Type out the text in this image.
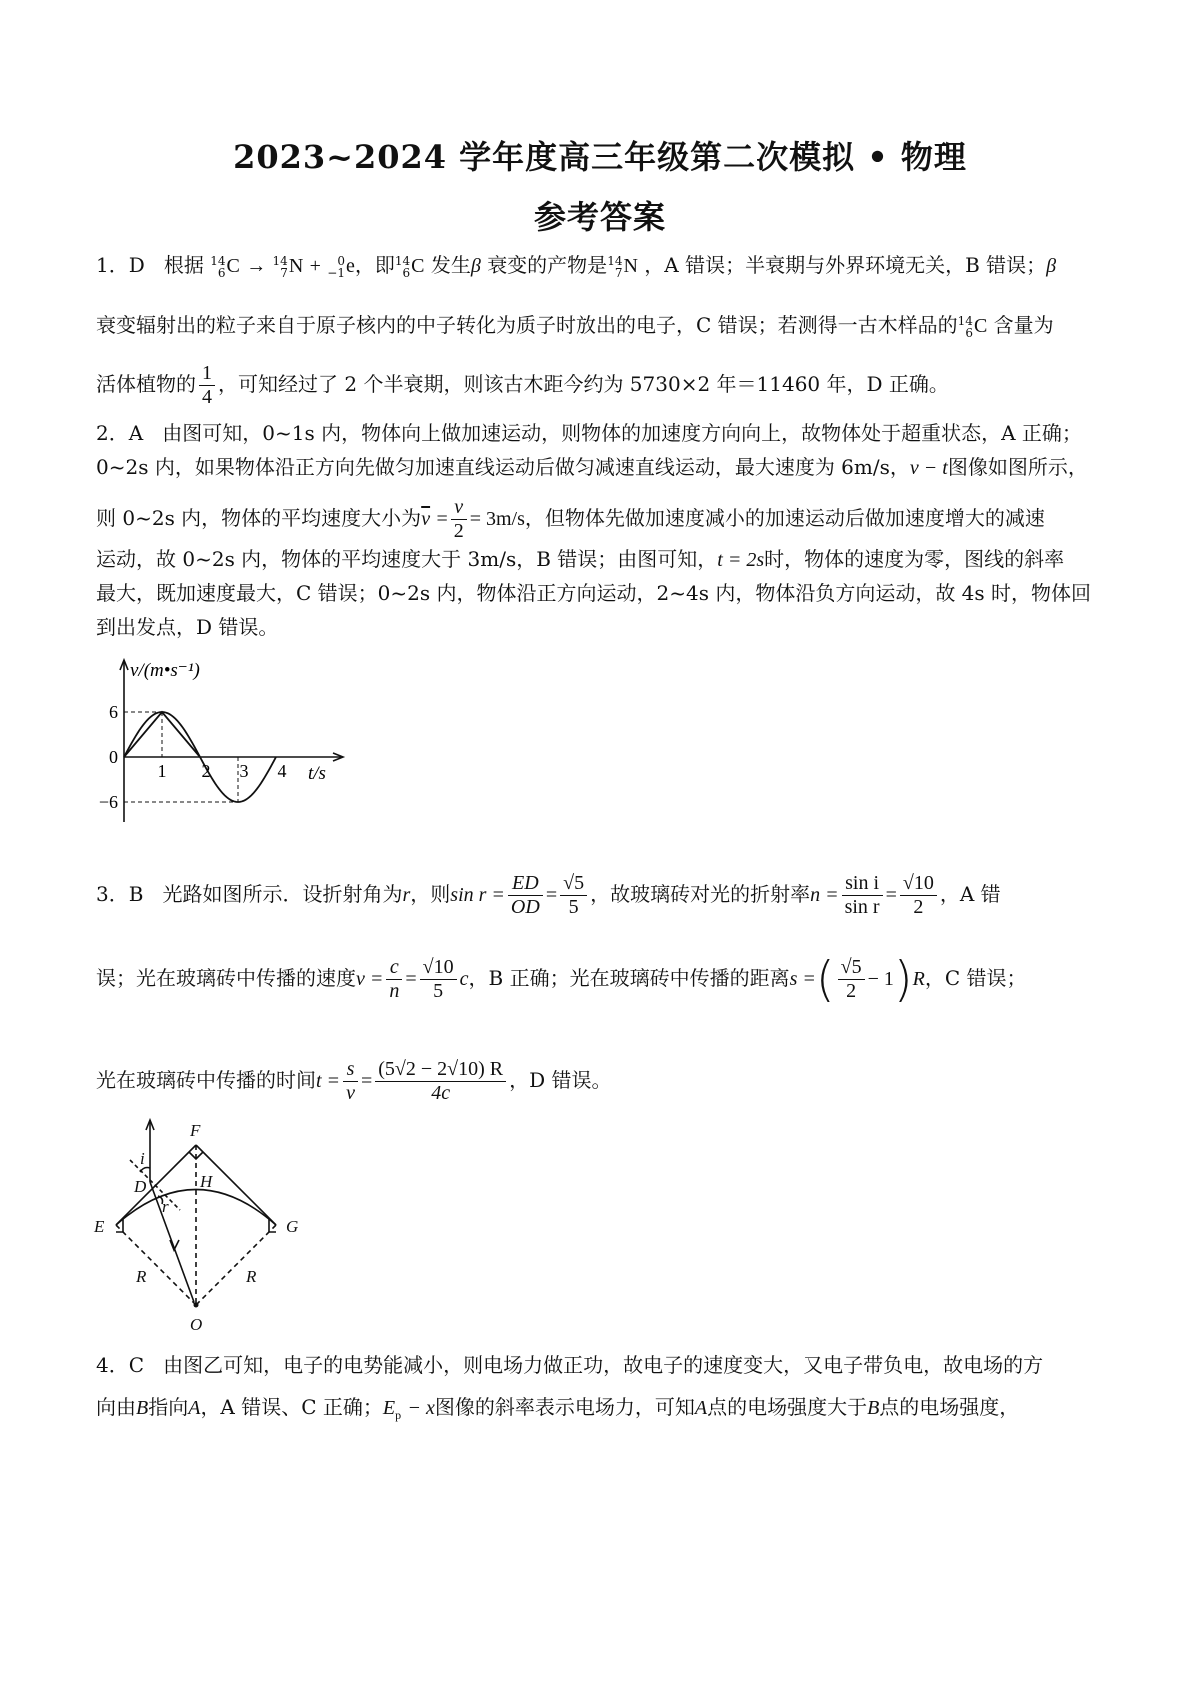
2023~2024 学年度高三年级第二次模拟 • 物理
参考答案
1．D 根据 14
6 C → 14
7 N +	0
−1 e，即 14
6 C 发生β 衰变的产物是 14
7 N ，A 错误；半衰期与外界环境无关，B 错误；β
衰变辐射出的粒子来自于原子核内的中子转化为质子时放出的电子，C 错误；若测得一古木样品的 14
6 C 含量为
活体植物的 $\frac{1}{4}$ ，可知经过了 2 个半衰期，则该古木距今约为 5730×2 年＝11460 年，D 正确。
2．A 由图可知，0~1s 内，物体向上做加速运动，则物体的加速度方向向上，故物体处于超重状态，A 正确；
0~2s 内，如果物体沿正方向先做匀加速直线运动后做匀减速直线运动，最大速度为 6m/s，v − t图像如图所示，
则 0~2s 内，物体的平均速度大小为$\overline{v} = \frac{v}{2} = 3m/s$，但物体先做加速度减小的加速运动后做加速度增大的减速
运动，故 0~2s 内，物体的平均速度大于 3m/s，B 错误；由图可知，t = 2s时，物体的速度为零，图线的斜率
最大，既加速度最大，C 错误；0~2s 内，物体沿正方向运动，2~4s 内，物体沿负方向运动，故 4s 时，物体回
到出发点，D 错误。
6
0
−6
1 2 3 4
v/(m•s⁻¹)
t/s
3．B 光路如图所示．设折射角为r，则$\sin r = \frac{ED}{OD} = \frac{√5}{5}$ ，故玻璃砖对光的折射率$n = \frac{\text{sin i}}{\text{sin r}} = \frac{√10}{2}$ ，A 错
误；光在玻璃砖中传播的速度$v = \frac{c}{n} = \frac{√10}{5}$ c，B 正确；光在玻璃砖中传播的距离s =( $\frac{√5}{2} - 1)R$，C 错误；
光在玻璃砖中传播的时间$t = \frac{s}{v} = \frac{(5√2 - 2√10) R}{4c}$ ，D 错误。
F
i
D	H
r
E	G
R	R
O
4．C 由图乙可知，电子的电势能减小，则电场力做正功，故电子的速度变大，又电子带负电，故电场的方
向由B指向A，A 错误、C 正确；$E_p - x$图像的斜率表示电场力，可知A点的电场强度大于B点的电场强度，
